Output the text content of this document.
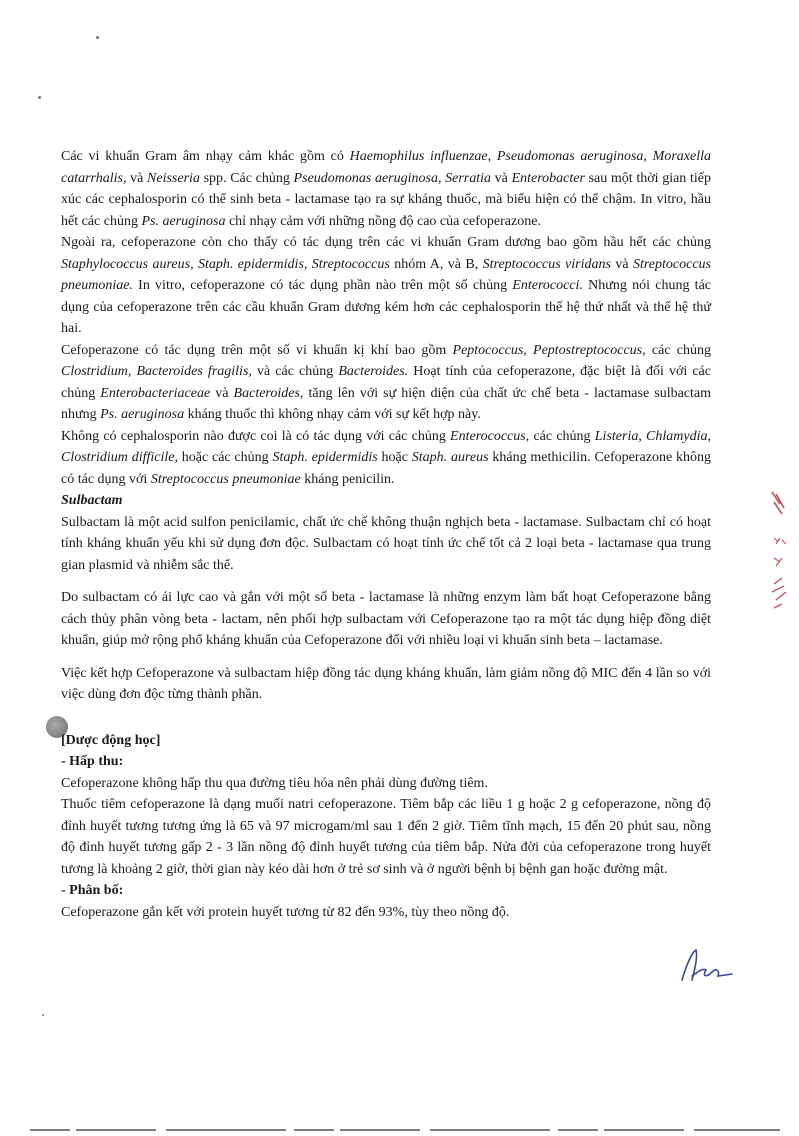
Các vi khuẩn Gram âm nhạy cảm khác gồm có Haemophilus influenzae, Pseudomonas aeruginosa, Moraxella catarrhalis, và Neisseria spp. Các chủng Pseudomonas aeruginosa, Serratia và Enterobacter sau một thời gian tiếp xúc các cephalosporin có thể sinh beta - lactamase tạo ra sự kháng thuốc, mà biểu hiện có thể chậm. In vitro, hầu hết các chủng Ps. aeruginosa chỉ nhạy cảm với những nồng độ cao của cefoperazone.

Ngoài ra, cefoperazone còn cho thấy có tác dụng trên các vi khuẩn Gram dương bao gồm hầu hết các chủng Staphylococcus aureus, Staph. epidermidis, Streptococcus nhóm A, và B, Streptococcus viridans và Streptococcus pneumoniae. In vitro, cefoperazone có tác dụng phần nào trên một số chủng Enterococci. Nhưng nói chung tác dụng của cefoperazone trên các cầu khuẩn Gram dương kém hơn các cephalosporin thế hệ thứ nhất và thế hệ thứ hai.

Cefoperazone có tác dụng trên một số vi khuẩn kị khí bao gồm Peptococcus, Peptostreptococcus, các chủng Clostridium, Bacteroides fragilis, và các chủng Bacteroides. Hoạt tính của cefoperazone, đặc biệt là đối với các chủng Enterobacteriaceae và Bacteroides, tăng lên với sự hiện diện của chất ức chế beta - lactamase sulbactam nhưng Ps. aeruginosa kháng thuốc thì không nhạy cảm với sự kết hợp này.

Không có cephalosporin nào được coi là có tác dụng với các chủng Enterococcus, các chủng Listeria, Chlamydia, Clostridium difficile, hoặc các chủng Staph. epidermidis hoặc Staph. aureus kháng methicilin. Cefoperazone không có tác dụng với Streptococcus pneumoniae kháng penicilin.

Sulbactam

Sulbactam là một acid sulfon penicilamic, chất ức chế không thuận nghịch beta - lactamase. Sulbactam chỉ có hoạt tính kháng khuẩn yếu khi sử dụng đơn độc. Sulbactam có hoạt tính ức chế tốt cả 2 loại beta - lactamase qua trung gian plasmid và nhiễm sắc thể.

Do sulbactam có ái lực cao và gắn với một số beta - lactamase là những enzym làm bất hoạt Cefoperazone bằng cách thủy phân vòng beta - lactam, nên phối hợp sulbactam với Cefoperazone tạo ra một tác dụng hiệp đồng diệt khuẩn, giúp mở rộng phổ kháng khuẩn của Cefoperazone đối với nhiều loại vi khuẩn sinh beta – lactamase.

Việc kết hợp Cefoperazone và sulbactam hiệp đồng tác dụng kháng khuẩn, làm giảm nồng độ MIC đến 4 lần so với việc dùng đơn độc từng thành phần.

[Dược động học]

- Hấp thu:

Cefoperazone không hấp thu qua đường tiêu hóa nên phải dùng đường tiêm.

Thuốc tiêm cefoperazone là dạng muối natri cefoperazone. Tiêm bắp các liều 1 g hoặc 2 g cefoperazone, nồng độ đỉnh huyết tương tương ứng là 65 và 97 microgam/ml sau 1 đến 2 giờ. Tiêm tĩnh mạch, 15 đến 20 phút sau, nồng độ đỉnh huyết tương gấp 2 - 3 lần nồng độ đỉnh huyết tương của tiêm bắp. Nửa đời của cefoperazone trong huyết tương là khoảng 2 giờ, thời gian này kéo dài hơn ở trẻ sơ sinh và ở người bệnh bị bệnh gan hoặc đường mật.

- Phân bố:

Cefoperazone gắn kết với protein huyết tương từ 82 đến 93%, tùy theo nồng độ.
